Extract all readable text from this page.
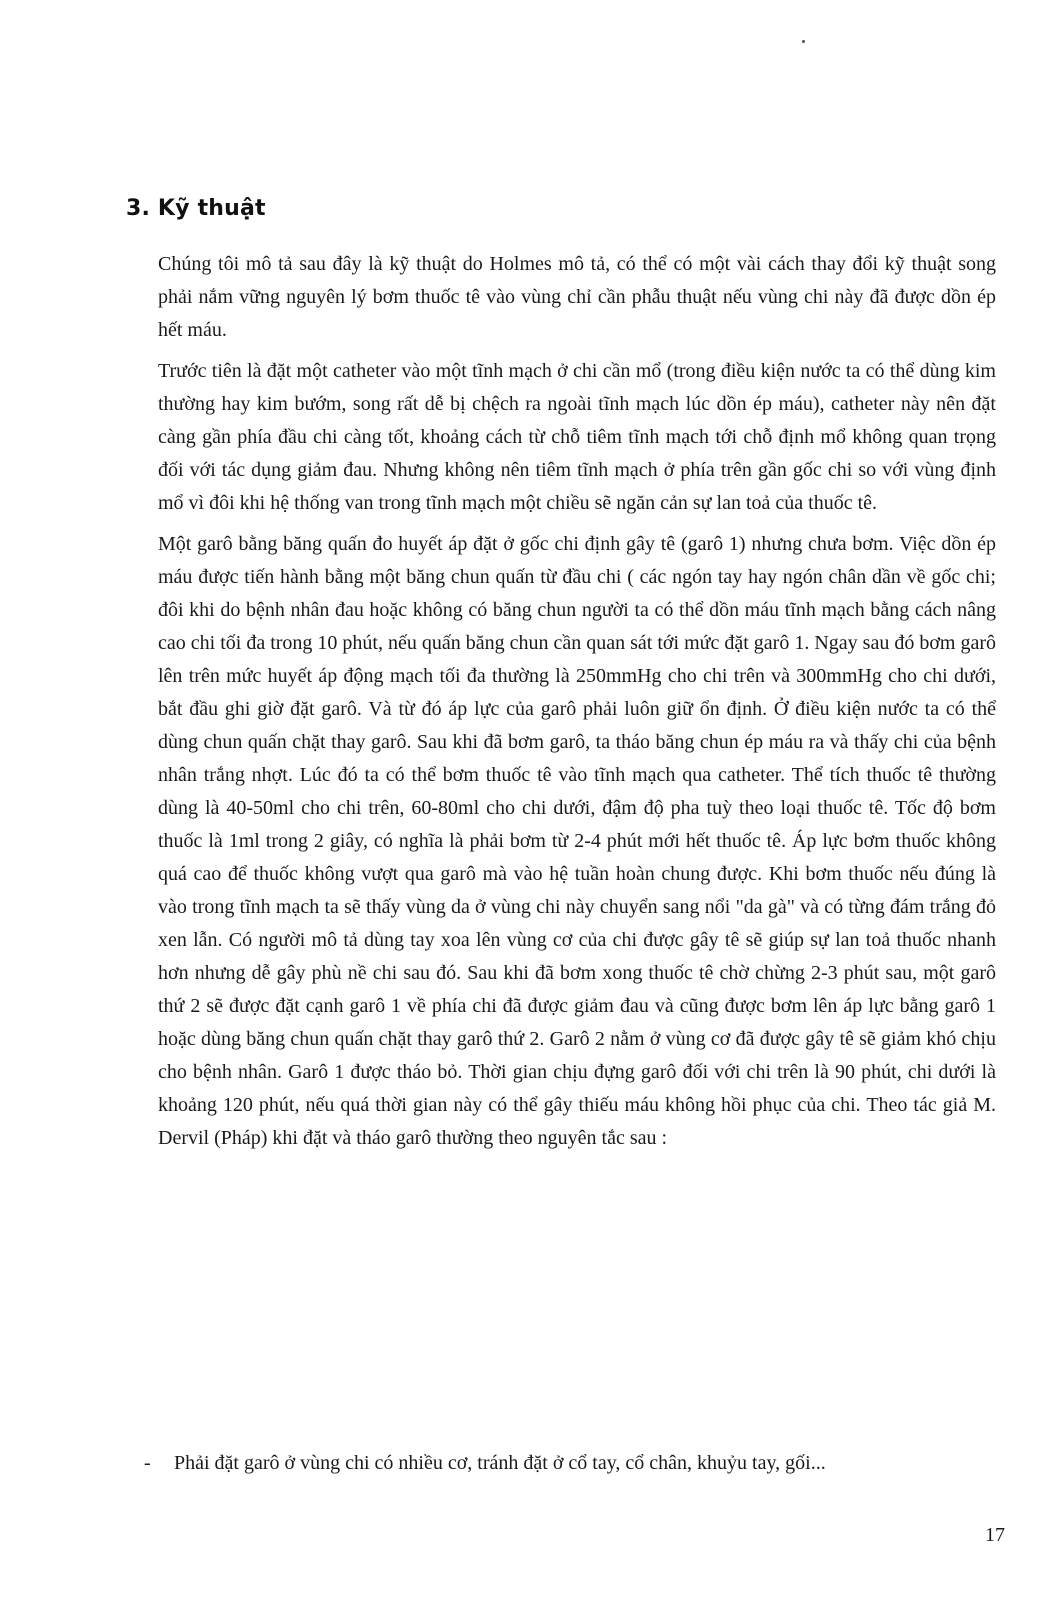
3. Kỹ thuật

Chúng tôi mô tả sau đây là kỹ thuật do Holmes mô tả, có thể có một vài cách thay đổi kỹ thuật song phải nắm vững nguyên lý bơm thuốc tê vào vùng chỉ cần phẫu thuật nếu vùng chi này đã được dồn ép hết máu.

Trước tiên là đặt một catheter vào một tĩnh mạch ở chi cần mổ (trong điều kiện nước ta có thể dùng kim thường hay kim bướm, song rất dễ bị chệch ra ngoài tĩnh mạch lúc dồn ép máu), catheter này nên đặt càng gần phía đầu chi càng tốt, khoảng cách từ chỗ tiêm tĩnh mạch tới chỗ định mổ không quan trọng đối với tác dụng giảm đau. Nhưng không nên tiêm tĩnh mạch ở phía trên gần gốc chi so với vùng định mổ vì đôi khi hệ thống van trong tĩnh mạch một chiều sẽ ngăn cản sự lan toả của thuốc tê.

Một garô bằng băng quấn đo huyết áp đặt ở gốc chi định gây tê (garô 1) nhưng chưa bơm. Việc dồn ép máu được tiến hành bằng một băng chun quấn từ đầu chi ( các ngón tay hay ngón chân dần về gốc chi; đôi khi do bệnh nhân đau hoặc không có băng chun người ta có thể dồn máu tĩnh mạch bằng cách nâng cao chi tối đa trong 10 phút, nếu quấn băng chun cần quan sát tới mức đặt garô 1. Ngay sau đó bơm garô lên trên mức huyết áp động mạch tối đa thường là 250mmHg cho chi trên và 300mmHg cho chi dưới, bắt đầu ghi giờ đặt garô. Và từ đó áp lực của garô phải luôn giữ ổn định. Ở điều kiện nước ta có thể dùng chun quấn chặt thay garô. Sau khi đã bơm garô, ta tháo băng chun ép máu ra và thấy chi của bệnh nhân trắng nhợt. Lúc đó ta có thể bơm thuốc tê vào tĩnh mạch qua catheter. Thể tích thuốc tê thường dùng là 40-50ml cho chi trên, 60-80ml cho chi dưới, đậm độ pha tuỳ theo loại thuốc tê. Tốc độ bơm thuốc là 1ml trong 2 giây, có nghĩa là phải bơm từ 2-4 phút mới hết thuốc tê. Áp lực bơm thuốc không quá cao để thuốc không vượt qua garô mà vào hệ tuần hoàn chung được. Khi bơm thuốc nếu đúng là vào trong tĩnh mạch ta sẽ thấy vùng da ở vùng chi này chuyển sang nổi "da gà" và có từng đám trắng đỏ xen lẫn. Có người mô tả dùng tay xoa lên vùng cơ của chi được gây tê sẽ giúp sự lan toả thuốc nhanh hơn nhưng dễ gây phù nề chi sau đó. Sau khi đã bơm xong thuốc tê chờ chừng 2-3 phút sau, một garô thứ 2 sẽ được đặt cạnh garô 1 về phía chi đã được giảm đau và cũng được bơm lên áp lực bằng garô 1 hoặc dùng băng chun quấn chặt thay garô thứ 2. Garô 2 nằm ở vùng cơ đã được gây tê sẽ giảm khó chịu cho bệnh nhân. Garô 1 được tháo bỏ. Thời gian chịu đựng garô đối với chi trên là 90 phút, chi dưới là khoảng 120 phút, nếu quá thời gian này có thể gây thiếu máu không hồi phục của chi. Theo tác giả M. Dervil (Pháp) khi đặt và tháo garô thường theo nguyên tắc sau :

-	Phải đặt garô ở vùng chi có nhiều cơ, tránh đặt ở cổ tay, cổ chân, khuỷu tay, gối...
17
